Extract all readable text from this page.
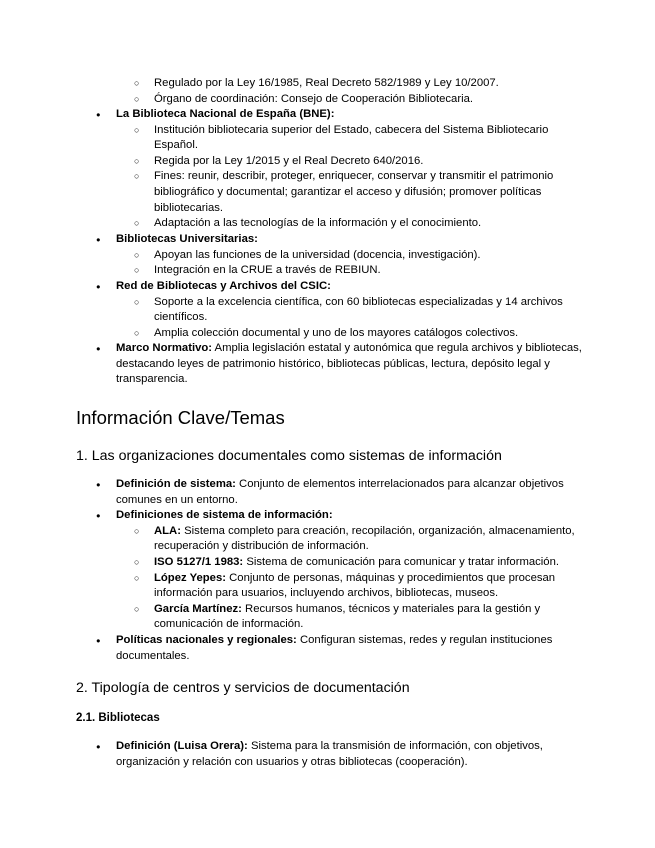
○ Regulado por la Ley 16/1985, Real Decreto 582/1989 y Ley 10/2007.
○ Órgano de coordinación: Consejo de Cooperación Bibliotecaria.
● La Biblioteca Nacional de España (BNE):
○ Institución bibliotecaria superior del Estado, cabecera del Sistema Bibliotecario Español.
○ Regida por la Ley 1/2015 y el Real Decreto 640/2016.
○ Fines: reunir, describir, proteger, enriquecer, conservar y transmitir el patrimonio bibliográfico y documental; garantizar el acceso y difusión; promover políticas bibliotecarias.
○ Adaptación a las tecnologías de la información y el conocimiento.
● Bibliotecas Universitarias:
○ Apoyan las funciones de la universidad (docencia, investigación).
○ Integración en la CRUE a través de REBIUN.
● Red de Bibliotecas y Archivos del CSIC:
○ Soporte a la excelencia científica, con 60 bibliotecas especializadas y 14 archivos científicos.
○ Amplia colección documental y uno de los mayores catálogos colectivos.
● Marco Normativo: Amplia legislación estatal y autonómica que regula archivos y bibliotecas, destacando leyes de patrimonio histórico, bibliotecas públicas, lectura, depósito legal y transparencia.
Información Clave/Temas
1. Las organizaciones documentales como sistemas de información
● Definición de sistema: Conjunto de elementos interrelacionados para alcanzar objetivos comunes en un entorno.
● Definiciones de sistema de información:
○ ALA: Sistema completo para creación, recopilación, organización, almacenamiento, recuperación y distribución de información.
○ ISO 5127/1 1983: Sistema de comunicación para comunicar y tratar información.
○ López Yepes: Conjunto de personas, máquinas y procedimientos que procesan información para usuarios, incluyendo archivos, bibliotecas, museos.
○ García Martínez: Recursos humanos, técnicos y materiales para la gestión y comunicación de información.
● Políticas nacionales y regionales: Configuran sistemas, redes y regulan instituciones documentales.
2. Tipología de centros y servicios de documentación
2.1. Bibliotecas
● Definición (Luisa Orera): Sistema para la transmisión de información, con objetivos, organización y relación con usuarios y otras bibliotecas (cooperación).
